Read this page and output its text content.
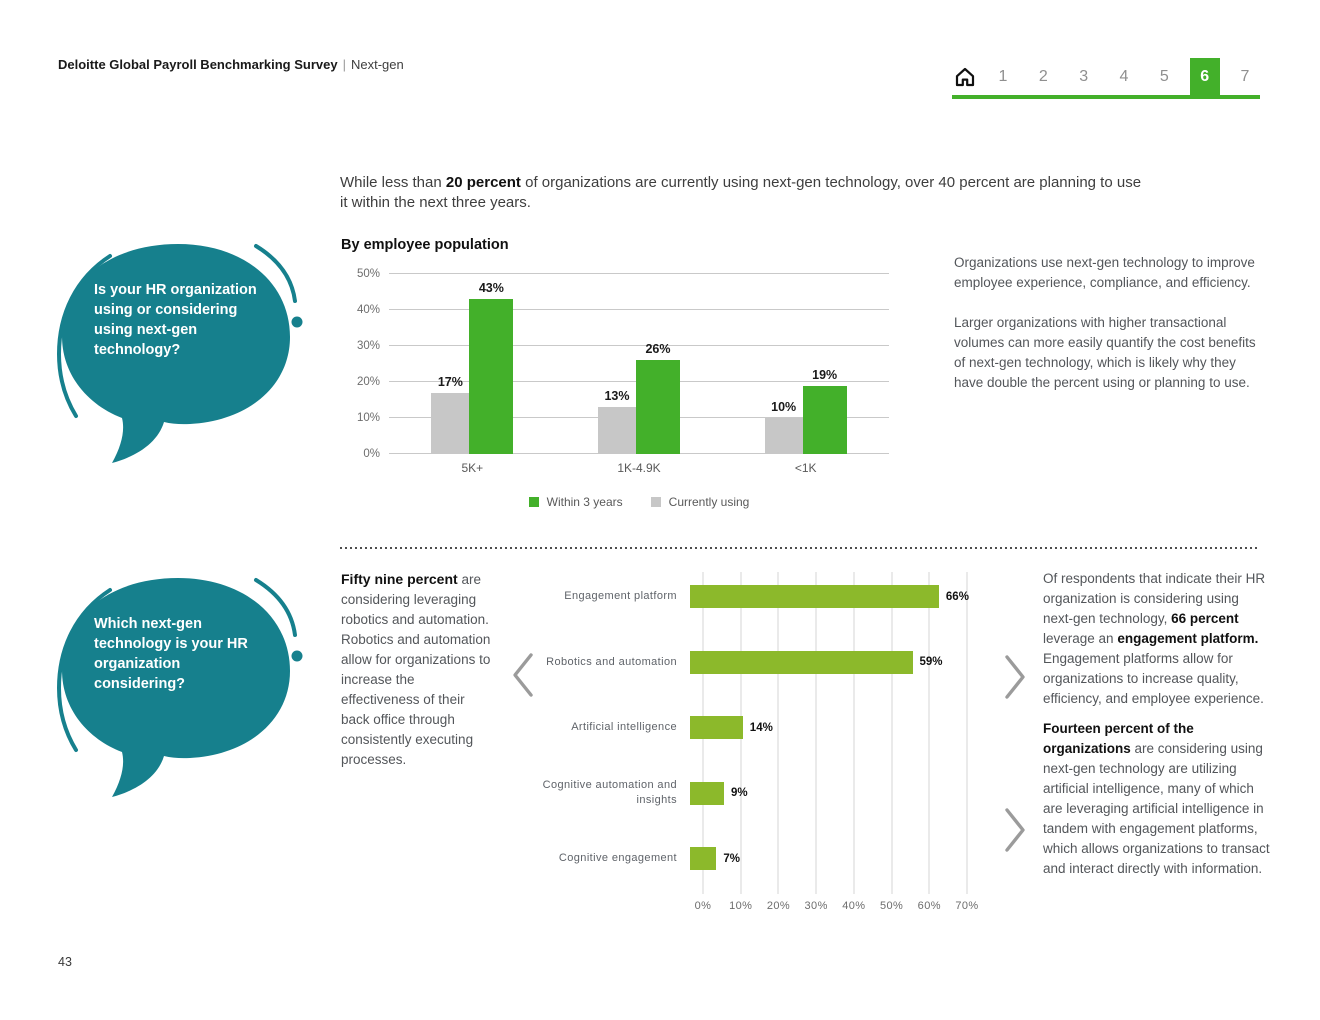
Deloitte Global Payroll Benchmarking Survey | Next-gen
1	2	3	4	5	6	7

While less than 20 percent of organizations are currently using next-gen technology, over 40 percent are planning to use it within the next three years.

Is your HR organization using or considering using next-gen technology?
By employee population
0%
10%
20%
30%
40%
50%
17%
43%
13%
26%
10%
19%
5K+	1K-4.9K	<1K
Within 3 years	Currently using

Organizations use next-gen technology to improve employee experience, compliance, and efficiency.

Larger organizations with higher transactional volumes can more easily quantify the cost benefits of next-gen technology, which is likely why they have double the percent using or planning to use.

Which next-gen technology is your HR organization considering?

Fifty nine percent are considering leveraging robotics and automation. Robotics and automation allow for organizations to increase the effectiveness of their back office through consistently executing processes.

Engagement platform	66%
Robotics and automation	59%
Artificial intelligence	14%
Cognitive automation and insights
9%
Cognitive engagement	7%
0% 10% 20% 30% 40% 50% 60% 70%

Of respondents that indicate their HR organization is considering using next-gen technology, 66 percent leverage an engagement platform. Engagement platforms allow for organizations to increase quality, efficiency, and employee experience.

Fourteen percent of the organizations are considering using next-gen technology are utilizing artificial intelligence, many of which are leveraging artificial intelligence in tandem with engagement platforms, which allows organizations to transact and interact directly with information.

43
